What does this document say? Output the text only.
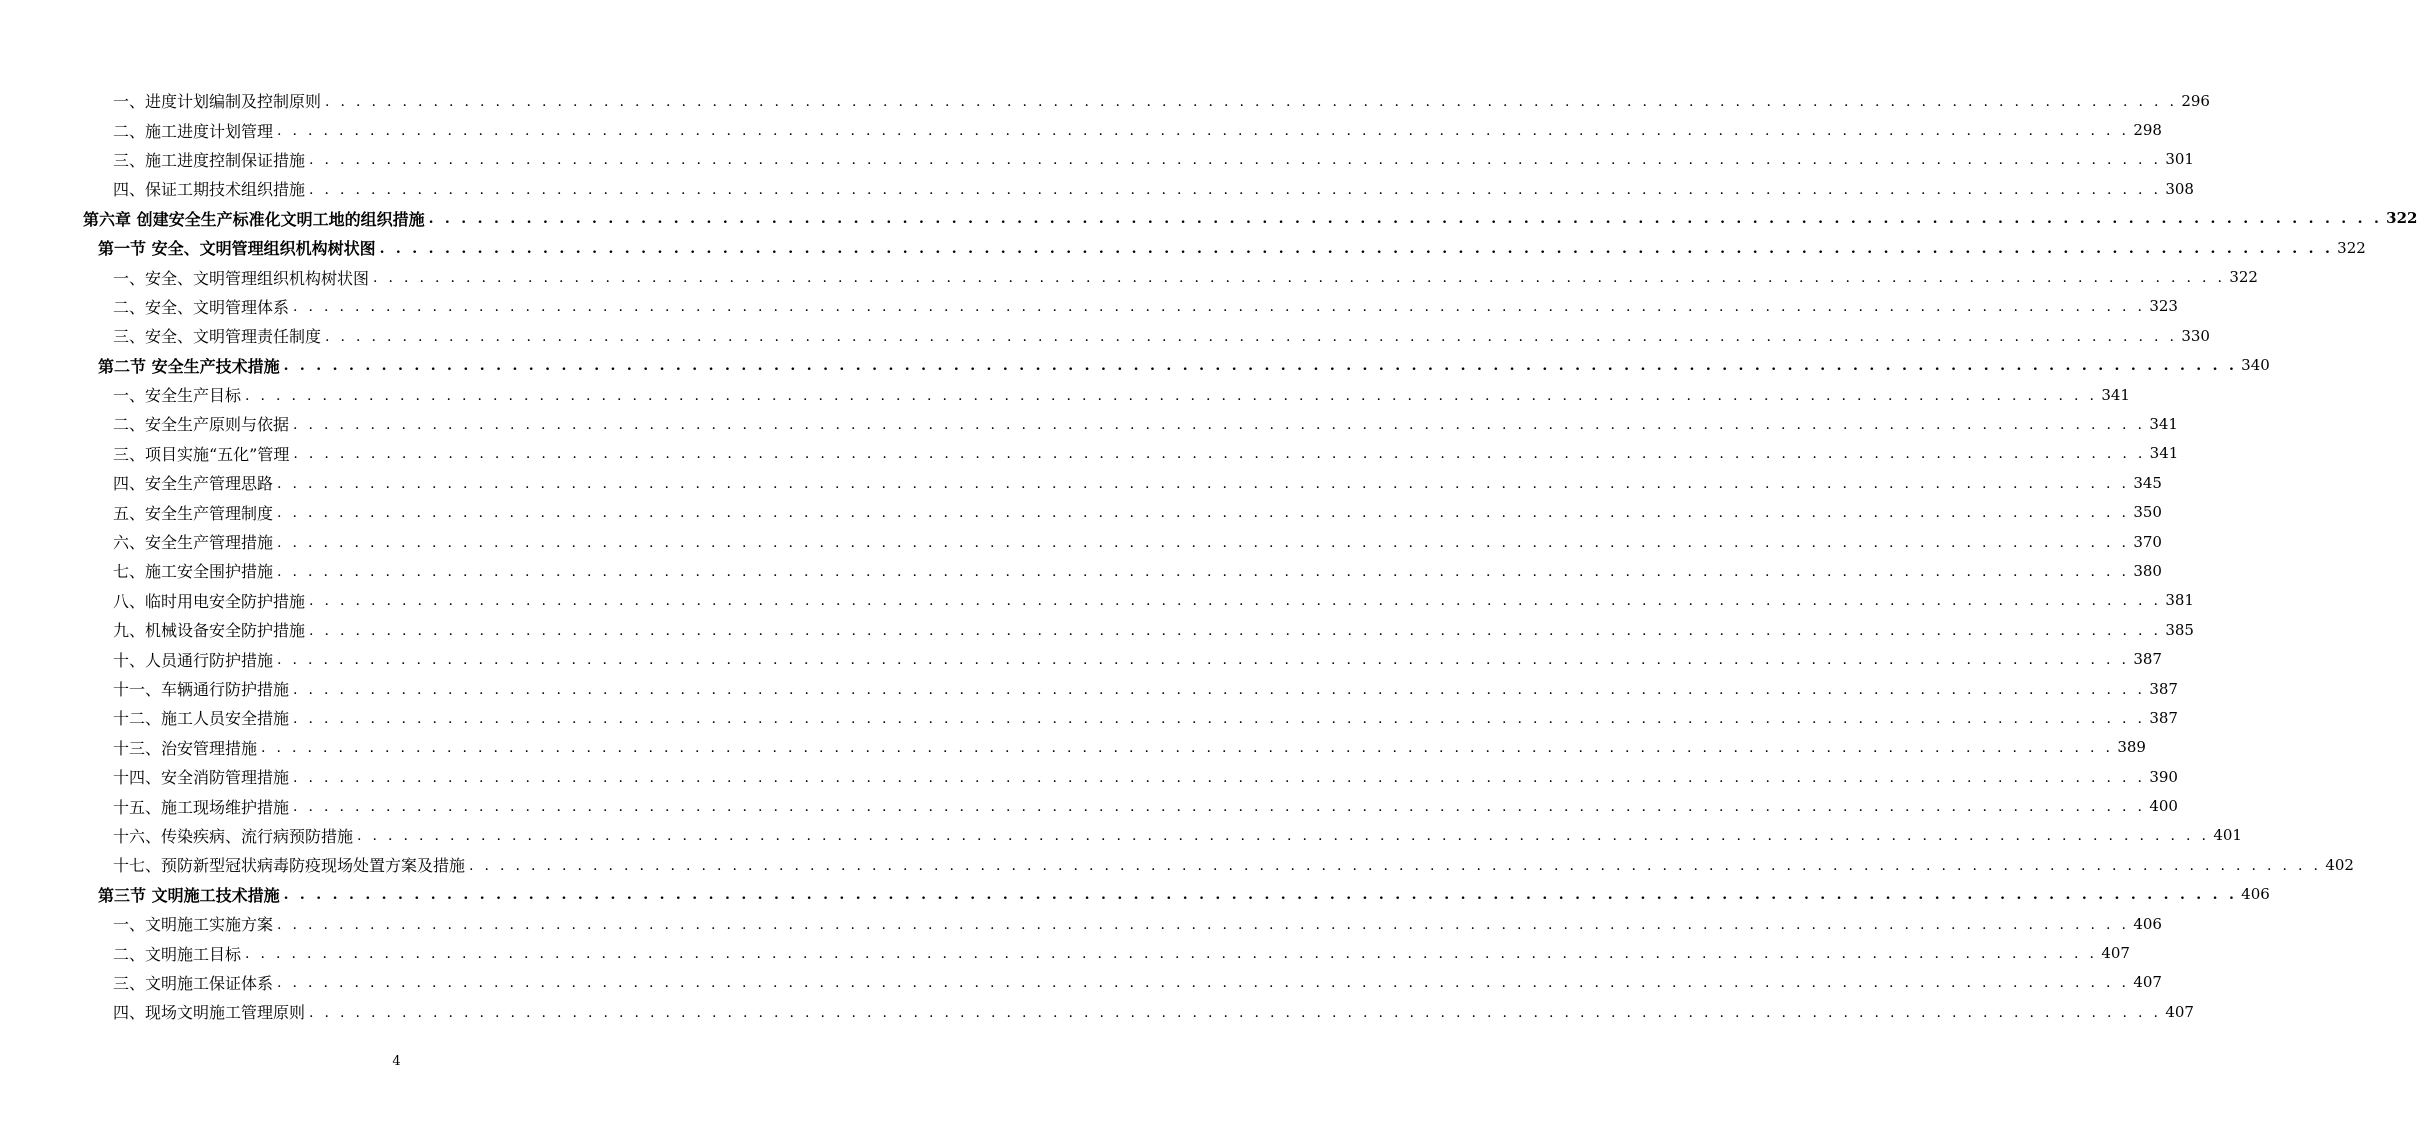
一、进度计划编制及控制原则 . . . . . . . . . . . . . . . . . . . . . . . . . . . . . . . . . . . . . . . . . . . . . . . . . . . . . . . . . . . . . . . . . . . . . . . . . . . . . . . . . . . . . . . . . . . . . . . . . . . . . . . . . . . . . . . . . . . . . . . . 296
二、施工进度计划管理 . . . . . . . . . . . . . . . . . . . . . . . . . . . . . . . . . . . . . . . . . . . . . . . . . . . . . . . . . . . . . . . . . . . . . . . . . . . . . . . . . . . . . . . . . . . . . . . . . . . . . . . . . . . . . . . . . . . . . . . . 298
三、施工进度控制保证措施 . . . . . . . . . . . . . . . . . . . . . . . . . . . . . . . . . . . . . . . . . . . . . . . . . . . . . . . . . . . . . . . . . . . . . . . . . . . . . . . . . . . . . . . . . . . . . . . . . . . . . . . . . . . . . . . . . . . . . . . . 301
四、保证工期技术组织措施 . . . . . . . . . . . . . . . . . . . . . . . . . . . . . . . . . . . . . . . . . . . . . . . . . . . . . . . . . . . . . . . . . . . . . . . . . . . . . . . . . . . . . . . . . . . . . . . . . . . . . . . . . . . . . . . . . . . . . . . . 308
第六章 创建安全生产标准化文明工地的组织措施 . . . . . . . . . . . . . . . . . . . . . . . . . . . . . . . . . . . . . . . . . . . . . . . . . . . . . . . . . . . . . . . . . . . . . . . . . . . . . . . . . . . . . . . . . . . . . . . . . . . . . . . . . . . . . . . . . . . . . . . . 322
第一节 安全、文明管理组织机构树状图 . . . . . . . . . . . . . . . . . . . . . . . . . . . . . . . . . . . . . . . . . . . . . . . . . . . . . . . . . . . . . . . . . . . . . . . . . . . . . . . . . . . . . . . . . . . . . . . . . . . . . . . . . . . . . . . . . . . . . . . . 322
一、安全、文明管理组织机构树状图 . . . . . . . . . . . . . . . . . . . . . . . . . . . . . . . . . . . . . . . . . . . . . . . . . . . . . . . . . . . . . . . . . . . . . . . . . . . . . . . . . . . . . . . . . . . . . . . . . . . . . . . . . . . . . . . . . . . . . . . . 322
二、安全、文明管理体系 . . . . . . . . . . . . . . . . . . . . . . . . . . . . . . . . . . . . . . . . . . . . . . . . . . . . . . . . . . . . . . . . . . . . . . . . . . . . . . . . . . . . . . . . . . . . . . . . . . . . . . . . . . . . . . . . . . . . . . . . 323
三、安全、文明管理责任制度 . . . . . . . . . . . . . . . . . . . . . . . . . . . . . . . . . . . . . . . . . . . . . . . . . . . . . . . . . . . . . . . . . . . . . . . . . . . . . . . . . . . . . . . . . . . . . . . . . . . . . . . . . . . . . . . . . . . . . . . . 330
第二节 安全生产技术措施 . . . . . . . . . . . . . . . . . . . . . . . . . . . . . . . . . . . . . . . . . . . . . . . . . . . . . . . . . . . . . . . . . . . . . . . . . . . . . . . . . . . . . . . . . . . . . . . . . . . . . . . . . . . . . . . . . . . . . . . . 340
一、安全生产目标 . . . . . . . . . . . . . . . . . . . . . . . . . . . . . . . . . . . . . . . . . . . . . . . . . . . . . . . . . . . . . . . . . . . . . . . . . . . . . . . . . . . . . . . . . . . . . . . . . . . . . . . . . . . . . . . . . . . . . . . . 341
二、安全生产原则与依据 . . . . . . . . . . . . . . . . . . . . . . . . . . . . . . . . . . . . . . . . . . . . . . . . . . . . . . . . . . . . . . . . . . . . . . . . . . . . . . . . . . . . . . . . . . . . . . . . . . . . . . . . . . . . . . . . . . . . . . . . 341
三、项目实施“五化”管理 . . . . . . . . . . . . . . . . . . . . . . . . . . . . . . . . . . . . . . . . . . . . . . . . . . . . . . . . . . . . . . . . . . . . . . . . . . . . . . . . . . . . . . . . . . . . . . . . . . . . . . . . . . . . . . . . . . . . . . . . 341
四、安全生产管理思路 . . . . . . . . . . . . . . . . . . . . . . . . . . . . . . . . . . . . . . . . . . . . . . . . . . . . . . . . . . . . . . . . . . . . . . . . . . . . . . . . . . . . . . . . . . . . . . . . . . . . . . . . . . . . . . . . . . . . . . . . 345
五、安全生产管理制度 . . . . . . . . . . . . . . . . . . . . . . . . . . . . . . . . . . . . . . . . . . . . . . . . . . . . . . . . . . . . . . . . . . . . . . . . . . . . . . . . . . . . . . . . . . . . . . . . . . . . . . . . . . . . . . . . . . . . . . . . 350
六、安全生产管理措施 . . . . . . . . . . . . . . . . . . . . . . . . . . . . . . . . . . . . . . . . . . . . . . . . . . . . . . . . . . . . . . . . . . . . . . . . . . . . . . . . . . . . . . . . . . . . . . . . . . . . . . . . . . . . . . . . . . . . . . . . 370
七、施工安全围护措施 . . . . . . . . . . . . . . . . . . . . . . . . . . . . . . . . . . . . . . . . . . . . . . . . . . . . . . . . . . . . . . . . . . . . . . . . . . . . . . . . . . . . . . . . . . . . . . . . . . . . . . . . . . . . . . . . . . . . . . . . 380
八、临时用电安全防护措施 . . . . . . . . . . . . . . . . . . . . . . . . . . . . . . . . . . . . . . . . . . . . . . . . . . . . . . . . . . . . . . . . . . . . . . . . . . . . . . . . . . . . . . . . . . . . . . . . . . . . . . . . . . . . . . . . . . . . . . . . 381
九、机械设备安全防护措施 . . . . . . . . . . . . . . . . . . . . . . . . . . . . . . . . . . . . . . . . . . . . . . . . . . . . . . . . . . . . . . . . . . . . . . . . . . . . . . . . . . . . . . . . . . . . . . . . . . . . . . . . . . . . . . . . . . . . . . . . 385
十、人员通行防护措施 . . . . . . . . . . . . . . . . . . . . . . . . . . . . . . . . . . . . . . . . . . . . . . . . . . . . . . . . . . . . . . . . . . . . . . . . . . . . . . . . . . . . . . . . . . . . . . . . . . . . . . . . . . . . . . . . . . . . . . . . 387
十一、车辆通行防护措施 . . . . . . . . . . . . . . . . . . . . . . . . . . . . . . . . . . . . . . . . . . . . . . . . . . . . . . . . . . . . . . . . . . . . . . . . . . . . . . . . . . . . . . . . . . . . . . . . . . . . . . . . . . . . . . . . . . . . . . . . 387
十二、施工人员安全措施 . . . . . . . . . . . . . . . . . . . . . . . . . . . . . . . . . . . . . . . . . . . . . . . . . . . . . . . . . . . . . . . . . . . . . . . . . . . . . . . . . . . . . . . . . . . . . . . . . . . . . . . . . . . . . . . . . . . . . . . . 387
十三、治安管理措施 . . . . . . . . . . . . . . . . . . . . . . . . . . . . . . . . . . . . . . . . . . . . . . . . . . . . . . . . . . . . . . . . . . . . . . . . . . . . . . . . . . . . . . . . . . . . . . . . . . . . . . . . . . . . . . . . . . . . . . . . 389
十四、安全消防管理措施 . . . . . . . . . . . . . . . . . . . . . . . . . . . . . . . . . . . . . . . . . . . . . . . . . . . . . . . . . . . . . . . . . . . . . . . . . . . . . . . . . . . . . . . . . . . . . . . . . . . . . . . . . . . . . . . . . . . . . . . . 390
十五、施工现场维护措施 . . . . . . . . . . . . . . . . . . . . . . . . . . . . . . . . . . . . . . . . . . . . . . . . . . . . . . . . . . . . . . . . . . . . . . . . . . . . . . . . . . . . . . . . . . . . . . . . . . . . . . . . . . . . . . . . . . . . . . . . 400
十六、传染疾病、流行病预防措施 . . . . . . . . . . . . . . . . . . . . . . . . . . . . . . . . . . . . . . . . . . . . . . . . . . . . . . . . . . . . . . . . . . . . . . . . . . . . . . . . . . . . . . . . . . . . . . . . . . . . . . . . . . . . . . . . . . . . . . . . 401
十七、预防新型冠状病毒防疫现场处置方案及措施 . . . . . . . . . . . . . . . . . . . . . . . . . . . . . . . . . . . . . . . . . . . . . . . . . . . . . . . . . . . . . . . . . . . . . . . . . . . . . . . . . . . . . . . . . . . . . . . . . . . . . . . . . . . . . . . . . . . . . . . . 402
第三节 文明施工技术措施 . . . . . . . . . . . . . . . . . . . . . . . . . . . . . . . . . . . . . . . . . . . . . . . . . . . . . . . . . . . . . . . . . . . . . . . . . . . . . . . . . . . . . . . . . . . . . . . . . . . . . . . . . . . . . . . . . . . . . . . . 406
一、文明施工实施方案 . . . . . . . . . . . . . . . . . . . . . . . . . . . . . . . . . . . . . . . . . . . . . . . . . . . . . . . . . . . . . . . . . . . . . . . . . . . . . . . . . . . . . . . . . . . . . . . . . . . . . . . . . . . . . . . . . . . . . . . . 406
二、文明施工目标 . . . . . . . . . . . . . . . . . . . . . . . . . . . . . . . . . . . . . . . . . . . . . . . . . . . . . . . . . . . . . . . . . . . . . . . . . . . . . . . . . . . . . . . . . . . . . . . . . . . . . . . . . . . . . . . . . . . . . . . . 407
三、文明施工保证体系 . . . . . . . . . . . . . . . . . . . . . . . . . . . . . . . . . . . . . . . . . . . . . . . . . . . . . . . . . . . . . . . . . . . . . . . . . . . . . . . . . . . . . . . . . . . . . . . . . . . . . . . . . . . . . . . . . . . . . . . . 407
四、现场文明施工管理原则 . . . . . . . . . . . . . . . . . . . . . . . . . . . . . . . . . . . . . . . . . . . . . . . . . . . . . . . . . . . . . . . . . . . . . . . . . . . . . . . . . . . . . . . . . . . . . . . . . . . . . . . . . . . . . . . . . . . . . . . . 407
4
